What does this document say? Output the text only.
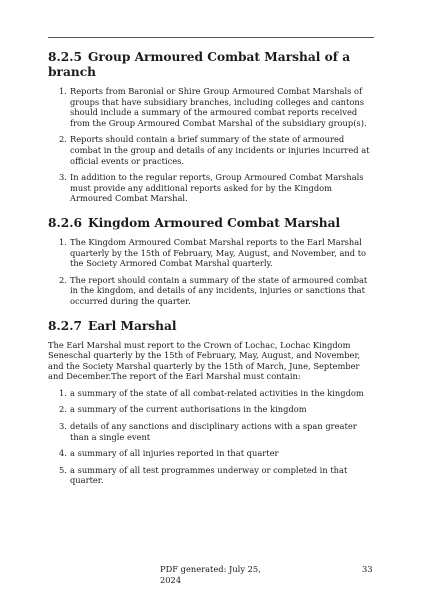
8.2.5 Group Armoured Combat Marshal of a branch
1. Reports from Baronial or Shire Group Armoured Combat Marshals of groups that have subsidiary branches, including colleges and cantons should include a summary of the armoured combat reports received from the Group Armoured Combat Marshal of the subsidiary group(s).
2. Reports should contain a brief summary of the state of armoured combat in the group and details of any incidents or injuries incurred at official events or practices.
3. In addition to the regular reports, Group Armoured Combat Marshals must provide any additional reports asked for by the Kingdom Armoured Combat Marshal.
8.2.6 Kingdom Armoured Combat Marshal
1. The Kingdom Armoured Combat Marshal reports to the Earl Marshal quarterly by the 15th of February, May, August, and November, and to the Society Armored Combat Marshal quarterly.
2. The report should contain a summary of the state of armoured combat in the kingdom, and details of any incidents, injuries or sanctions that occurred during the quarter.
8.2.7 Earl Marshal

The Earl Marshal must report to the Crown of Lochac, Lochac Kingdom Seneschal quarterly by the 15th of February, May, August, and November, and the Society Marshal quarterly by the 15th of March, June, September and December.The report of the Earl Marshal must contain:

1. a summary of the state of all combat-related activities in the kingdom
2. a summary of the current authorisations in the kingdom
3. details of any sanctions and disciplinary actions with a span greater than a single event
4. a summary of all injuries reported in that quarter
5. a summary of all test programmes underway or completed in that quarter.
PDF generated: July 25, 2024
33
